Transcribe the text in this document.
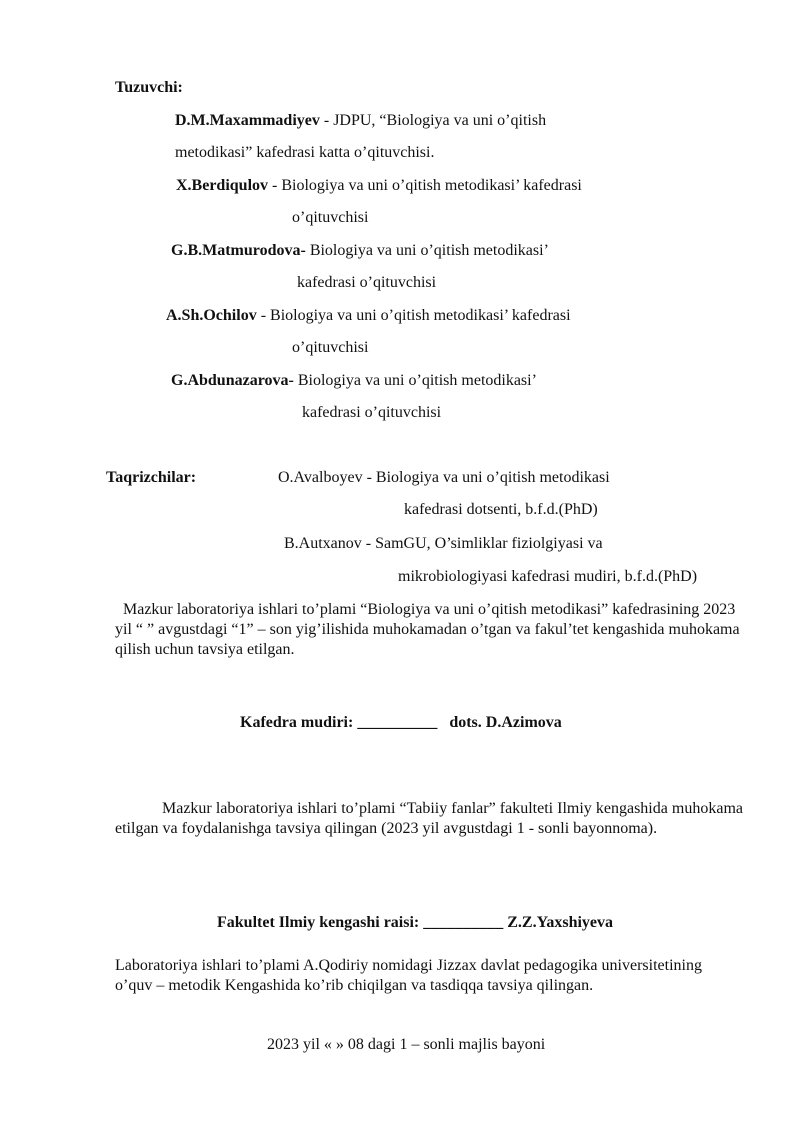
Tuzuvchi:
D.M.Maxammadiyev - JDPU, “Biologiya va uni o’qitish
metodikasi” kafedrasi katta o’qituvchisi.
X.Berdiqulov - Biologiya va uni o’qitish metodikasi’ kafedrasi
o’qituvchisi
G.B.Matmurodova- Biologiya va uni o’qitish metodikasi’
kafedrasi o’qituvchisi
A.Sh.Ochilov - Biologiya va uni o’qitish metodikasi’ kafedrasi
o’qituvchisi
G.Abdunazarova- Biologiya va uni o’qitish metodikasi’
kafedrasi o’qituvchisi
Taqrizchilar:	O.Avalboyev - Biologiya va uni o’qitish metodikasi
kafedrasi dotsenti, b.f.d.(PhD)
B.Autxanov - SamGU, O’simliklar fiziolgiyasi va
mikrobiologiyasi kafedrasi mudiri, b.f.d.(PhD)
Mazkur laboratoriya ishlari to’plami “Biologiya va uni o’qitish metodikasi” kafedrasining 2023 yil “ ” avgustdagi “1” – son yig’ilishida muhokamadan o’tgan va fakul’tet kengashida muhokama qilish uchun tavsiya etilgan.
Kafedra mudiri: __________ dots. D.Azimova
Mazkur laboratoriya ishlari to’plami “Tabiiy fanlar” fakulteti Ilmiy kengashida muhokama etilgan va foydalanishga tavsiya qilingan (2023 yil avgustdagi 1 - sonli bayonnoma).
Fakultet Ilmiy kengashi raisi: __________ Z.Z.Yaxshiyeva
Laboratoriya ishlari to’plami A.Qodiriy nomidagi Jizzax davlat pedagogika universitetining o’quv – metodik Kengashida ko’rib chiqilgan va tasdiqqa tavsiya qilingan.
2023 yil « » 08 dagi 1 – sonli majlis bayoni
